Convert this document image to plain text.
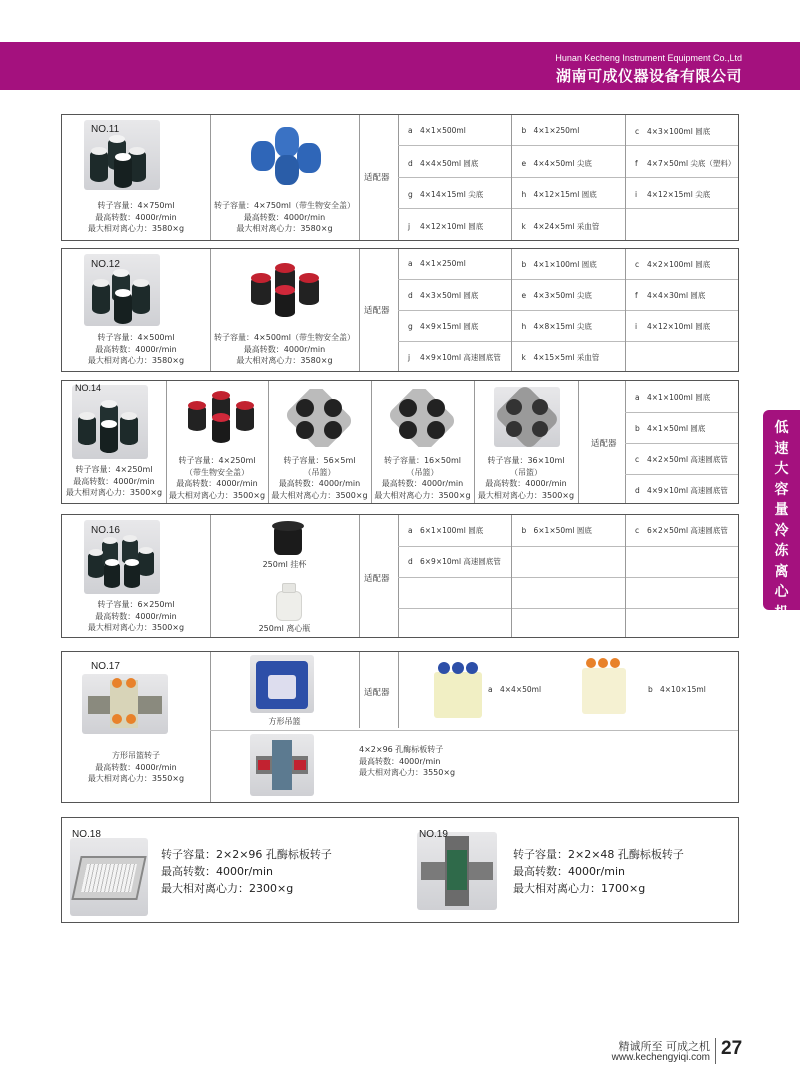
Hunan Kecheng Instrument Equipment Co.,Ltd
湖南可成仪器设备有限公司
低速大容量冷冻离心机
NO.11
转子容量：4×750ml
最高转数：4000r/min
最大相对离心力：3580×g
转子容量：4×750ml（带生物安全盖）
最高转数：4000r/min
最大相对离心力：3580×g
适配器
a 4×1×500ml	b 4×1×250ml	c 4×3×100ml 圆底
d 4×4×50ml 圆底	e 4×4×50ml 尖底	f 4×7×50ml 尖底（塑料）
g 4×14×15ml 尖底	h 4×12×15ml 圆底	i 4×12×15ml 尖底
j 4×12×10ml 圆底	k 4×24×5ml 采血管
NO.12
转子容量：4×500ml
最高转数：4000r/min
最大相对离心力：3580×g
转子容量：4×500ml（带生物安全盖）
最高转数：4000r/min
最大相对离心力：3580×g
适配器
a 4×1×250ml	b 4×1×100ml 圆底	c 4×2×100ml 圆底
d 4×3×50ml 圆底	e 4×3×50ml 尖底	f 4×4×30ml 圆底
g 4×9×15ml 圆底	h 4×8×15ml 尖底	i 4×12×10ml 圆底
j 4×9×10ml 高速圆底管	k 4×15×5ml 采血管
NO.14
转子容量：4×250ml
最高转数：4000r/min
最大相对离心力：3500×g
转子容量：4×250ml
（带生物安全盖）
最高转数：4000r/min
最大相对离心力：3500×g
转子容量：56×5ml
（吊篮）
最高转数：4000r/min
最大相对离心力：3500×g
转子容量：16×50ml
（吊篮）
最高转数：4000r/min
最大相对离心力：3500×g
转子容量：36×10ml
（吊篮）
最高转数：4000r/min
最大相对离心力：3500×g
适配器
a 4×1×100ml 圆底
b 4×1×50ml 圆底
c 4×2×50ml 高速圆底管
d 4×9×10ml 高速圆底管
NO.16
转子容量：6×250ml
最高转数：4000r/min
最大相对离心力：3500×g
250ml 挂杯
250ml 离心瓶
适配器
a 6×1×100ml 圆底	b 6×1×50ml 圆底	c 6×2×50ml 高速圆底管
d 6×9×10ml 高速圆底管
NO.17
方形吊篮转子
最高转数：4000r/min
最大相对离心力：3550×g
方形吊篮
适配器	a 4×4×50ml	b 4×10×15ml
4×2×96 孔酶标板转子
最高转数：4000r/min
最大相对离心力：3550×g
NO.18
转子容量：2×2×96 孔酶标板转子
最高转数：4000r/min
最大相对离心力：2300×g
NO.19
转子容量：2×2×48 孔酶标板转子
最高转数：4000r/min
最大相对离心力：1700×g
精诚所至 可成之机
www.kechengyiqi.com 27
